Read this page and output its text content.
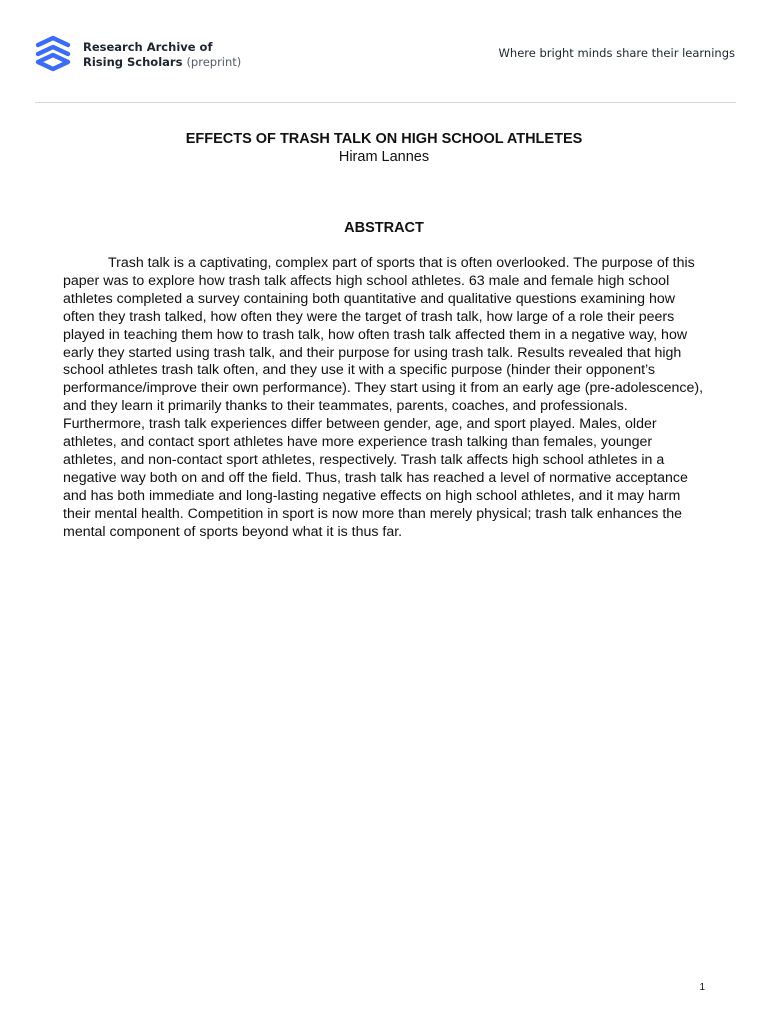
Research Archive of
Rising Scholars (preprint)
Where bright minds share their learnings
EFFECTS OF TRASH TALK ON HIGH SCHOOL ATHLETES
Hiram Lannes
ABSTRACT

Trash talk is a captivating, complex part of sports that is often overlooked. The purpose of this paper was to explore how trash talk affects high school athletes. 63 male and female high school athletes completed a survey containing both quantitative and qualitative questions examining how often they trash talked, how often they were the target of trash talk, how large of a role their peers played in teaching them how to trash talk, how often trash talk affected them in a negative way, how early they started using trash talk, and their purpose for using trash talk. Results revealed that high school athletes trash talk often, and they use it with a specific purpose (hinder their opponent’s performance/improve their own performance). They start using it from an early age (pre-adolescence), and they learn it primarily thanks to their teammates, parents, coaches, and professionals. Furthermore, trash talk experiences differ between gender, age, and sport played. Males, older athletes, and contact sport athletes have more experience trash talking than females, younger athletes, and non-contact sport athletes, respectively. Trash talk affects high school athletes in a negative way both on and off the field. Thus, trash talk has reached a level of normative acceptance and has both immediate and long-lasting negative effects on high school athletes, and it may harm their mental health. Competition in sport is now more than merely physical; trash talk enhances the mental component of sports beyond what it is thus far.

1
